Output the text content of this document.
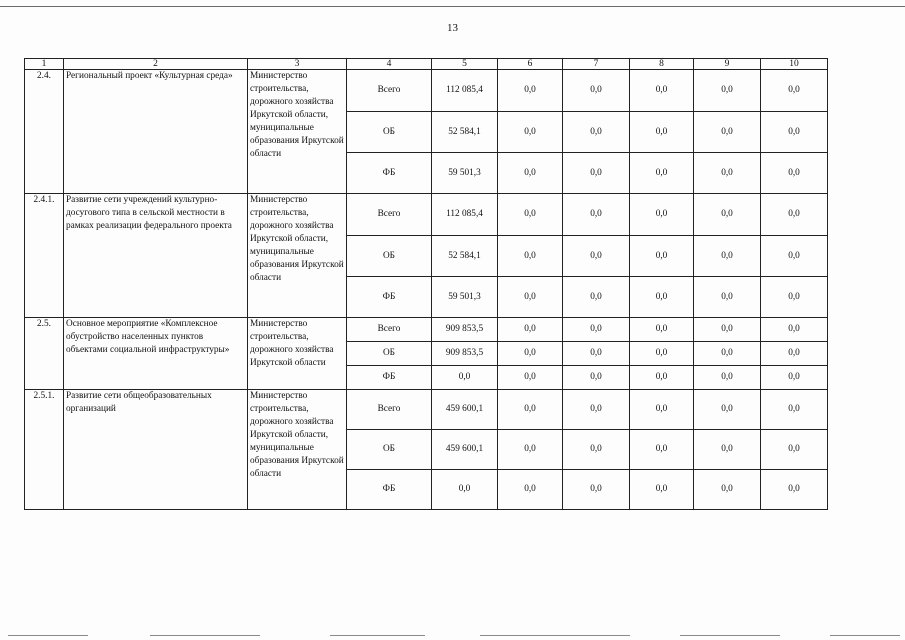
13
1	2	3	4	5	6	7	8	9	10
2.4.	Региональный проект «Культурная среда»	Министерство строительства, дорожного хозяйства Иркутской области, муниципальные образования Иркутской области	Всего	112 085,4	0,0	0,0	0,0	0,0	0,0
			ОБ	52 584,1	0,0	0,0	0,0	0,0	0,0
			ФБ	59 501,3	0,0	0,0	0,0	0,0	0,0
2.4.1.	Развитие сети учреждений культурно-досугового типа в сельской местности в рамках реализации федерального проекта	Министерство строительства, дорожного хозяйства Иркутской области, муниципальные образования Иркутской области	Всего	112 085,4	0,0	0,0	0,0	0,0	0,0
			ОБ	52 584,1	0,0	0,0	0,0	0,0	0,0
			ФБ	59 501,3	0,0	0,0	0,0	0,0	0,0
2.5.	Основное мероприятие «Комплексное обустройство населенных пунктов объектами социальной инфраструктуры»	Министерство строительства, дорожного хозяйства Иркутской области	Всего	909 853,5	0,0	0,0	0,0	0,0	0,0
			ОБ	909 853,5	0,0	0,0	0,0	0,0	0,0
			ФБ	0,0	0,0	0,0	0,0	0,0	0,0
2.5.1.	Развитие сети общеобразовательных организаций	Министерство строительства, дорожного хозяйства Иркутской области, муниципальные образования Иркутской области	Всего	459 600,1	0,0	0,0	0,0	0,0	0,0
			ОБ	459 600,1	0,0	0,0	0,0	0,0	0,0
			ФБ	0,0	0,0	0,0	0,0	0,0	0,0
